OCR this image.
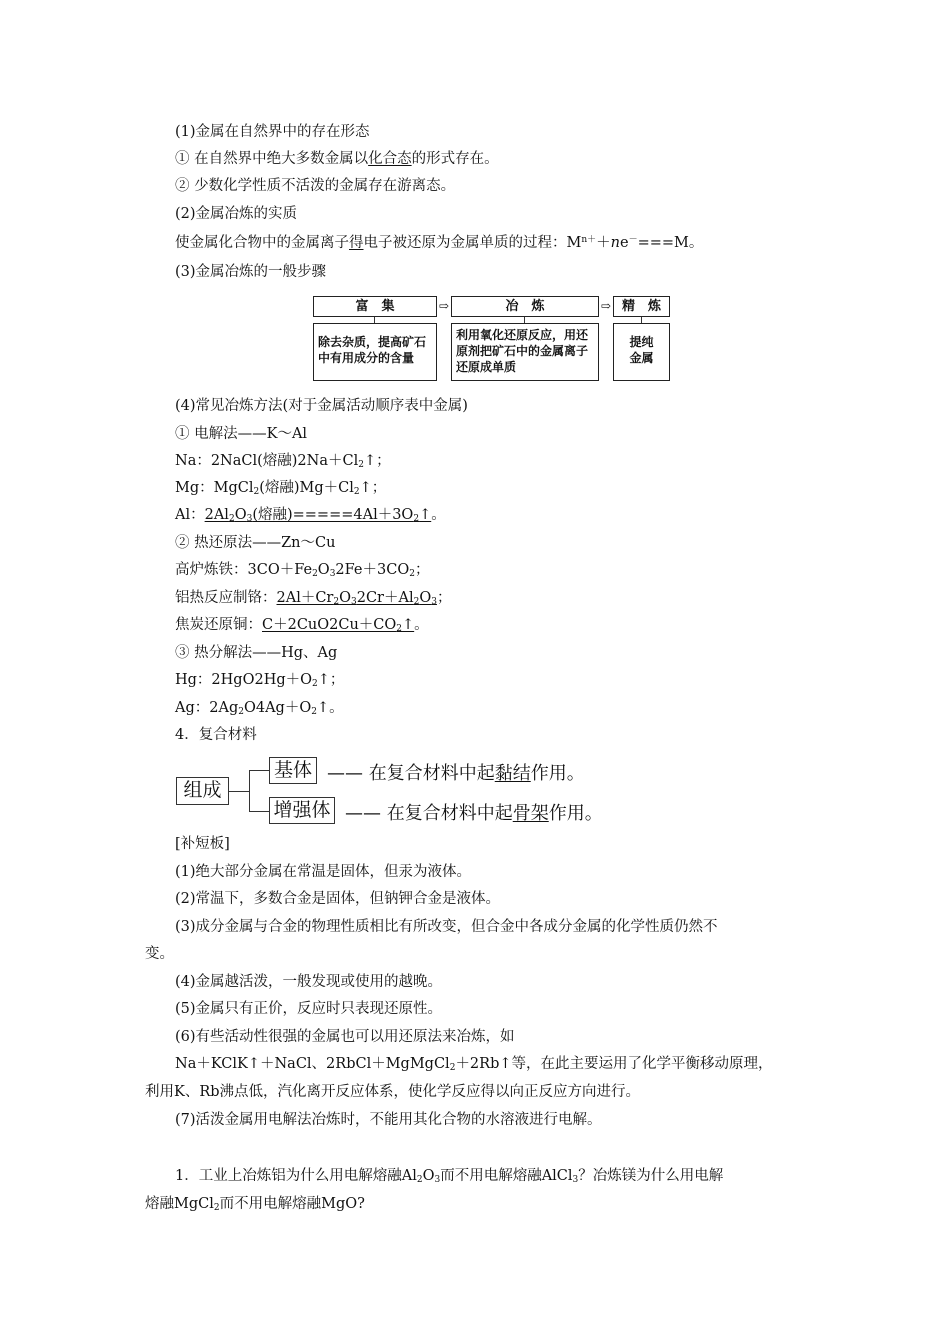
(1)金属在自然界中的存在形态
① 在自然界中绝大多数金属以化合态的形式存在。
② 少数化学性质不活泼的金属存在游离态。
(2)金属冶炼的实质
使金属化合物中的金属离子得电子被还原为金属单质的过程：$M^{n+}+ne^-===M$。
(3)金属冶炼的一般步骤
富　集	⇨	冶　炼	⇨ 精　炼
除去杂质，提高矿石中有用成分的含量
利用氧化还原反应，用还原剂把矿石中的金属离子还原成单质
提纯金属
(4)常见冶炼方法(对于金属活动顺序表中金属)
① 电解法——K～Al
Na：2NaCl(熔融)$2Na+Cl_2↑$；
Mg：MgCl$_2$(熔融)$Mg+Cl_2↑$；
Al：$2Al_2O_3$(熔融)$=====4Al+3O_2↑$。
② 热还原法——Zn～Cu
高炉炼铁：$3CO+Fe_2O_32Fe+3CO_2$；
铝热反应制铬：$2Al+Cr_2O_32Cr+Al_2O_3$；
焦炭还原铜：$C+2CuO2Cu+CO_2↑$。
③ 热分解法——Hg、Ag
Hg：$2HgO2Hg+O_2↑$；
Ag：$2Ag_2O4Ag+O_2↑$。
4．复合材料
组成
基体 —— 在复合材料中起黏结作用。
增强体 —— 在复合材料中起骨架作用。
[补短板]
(1)绝大部分金属在常温是固体，但汞为液体。
(2)常温下，多数合金是固体，但钠钾合金是液体。
(3)成分金属与合金的物理性质相比有所改变，但合金中各成分金属的化学性质仍然不
变。
(4)金属越活泼，一般发现或使用的越晚。
(5)金属只有正价，反应时只表现还原性。
(6)有些活动性很强的金属也可以用还原法来冶炼，如
Na＋KClK↑＋NaCl、2RbCl＋MgMgCl$_2$＋2Rb↑等，在此主要运用了化学平衡移动原理，
利用K、Rb沸点低，汽化离开反应体系，使化学反应得以向正反应方向进行。
(7)活泼金属用电解法冶炼时，不能用其化合物的水溶液进行电解。
1．工业上冶炼铝为什么用电解熔融$Al_2O_3$而不用电解熔融AlCl$_3$？冶炼镁为什么用电解
熔融MgCl$_2$而不用电解熔融MgO?
